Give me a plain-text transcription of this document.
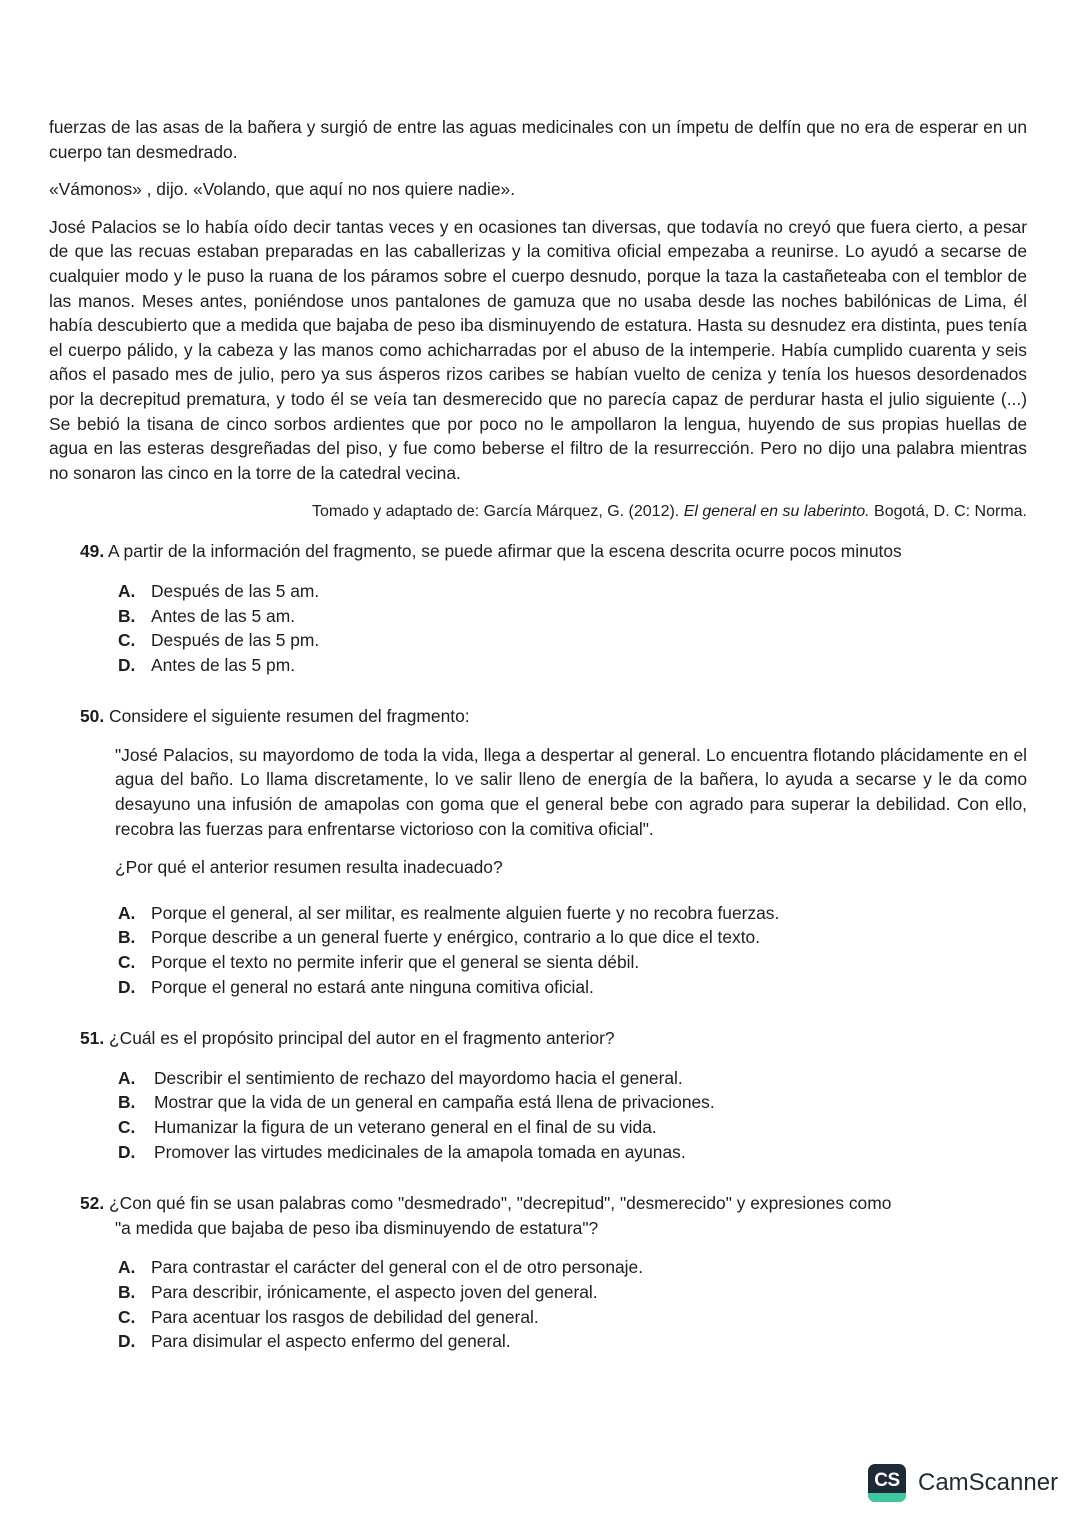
fuerzas de las asas de la bañera y surgió de entre las aguas medicinales con un ímpetu de delfín que no era de esperar en un cuerpo tan desmedrado.

«Vámonos» , dijo. «Volando, que aquí no nos quiere nadie».

José Palacios se lo había oído decir tantas veces y en ocasiones tan diversas, que todavía no creyó que fuera cierto, a pesar de que las recuas estaban preparadas en las caballerizas y la comitiva oficial empezaba a reunirse. Lo ayudó a secarse de cualquier modo y le puso la ruana de los páramos sobre el cuerpo desnudo, porque la taza la castañeteaba con el temblor de las manos. Meses antes, poniéndose unos pantalones de gamuza que no usaba desde las noches babilónicas de Lima, él había descubierto que a medida que bajaba de peso iba disminuyendo de estatura. Hasta su desnudez era distinta, pues tenía el cuerpo pálido, y la cabeza y las manos como achicharradas por el abuso de la intemperie. Había cumplido cuarenta y seis años el pasado mes de julio, pero ya sus ásperos rizos caribes se habían vuelto de ceniza y tenía los huesos desordenados por la decrepitud prematura, y todo él se veía tan desmerecido que no parecía capaz de perdurar hasta el julio siguiente (...) Se bebió la tisana de cinco sorbos ardientes que por poco no le ampollaron la lengua, huyendo de sus propias huellas de agua en las esteras desgreñadas del piso, y fue como beberse el filtro de la resurrección. Pero no dijo una palabra mientras no sonaron las cinco en la torre de la catedral vecina.

Tomado y adaptado de: García Márquez, G. (2012). El general en su laberinto. Bogotá, D. C: Norma.
49. A partir de la información del fragmento, se puede afirmar que la escena descrita ocurre pocos minutos
A. Después de las 5 am.
B. Antes de las 5 am.
C. Después de las 5 pm.
D. Antes de las 5 pm.
50. Considere el siguiente resumen del fragmento:
"José Palacios, su mayordomo de toda la vida, llega a despertar al general. Lo encuentra flotando plácidamente en el agua del baño. Lo llama discretamente, lo ve salir lleno de energía de la bañera, lo ayuda a secarse y le da como desayuno una infusión de amapolas con goma que el general bebe con agrado para superar la debilidad. Con ello, recobra las fuerzas para enfrentarse victorioso con la comitiva oficial".
¿Por qué el anterior resumen resulta inadecuado?
A. Porque el general, al ser militar, es realmente alguien fuerte y no recobra fuerzas.
B. Porque describe a un general fuerte y enérgico, contrario a lo que dice el texto.
C. Porque el texto no permite inferir que el general se sienta débil.
D. Porque el general no estará ante ninguna comitiva oficial.
51. ¿Cuál es el propósito principal del autor en el fragmento anterior?
A.	Describir el sentimiento de rechazo del mayordomo hacia el general.
B.	Mostrar que la vida de un general en campaña está llena de privaciones.
C.	Humanizar la figura de un veterano general en el final de su vida.
D.	Promover las virtudes medicinales de la amapola tomada en ayunas.
52. ¿Con qué fin se usan palabras como "desmedrado", "decrepitud", "desmerecido" y expresiones como
"a medida que bajaba de peso iba disminuyendo de estatura"?
A. Para contrastar el carácter del general con el de otro personaje.
B. Para describir, irónicamente, el aspecto joven del general.
C. Para acentuar los rasgos de debilidad del general.
D. Para disimular el aspecto enfermo del general.
CS CamScanner
